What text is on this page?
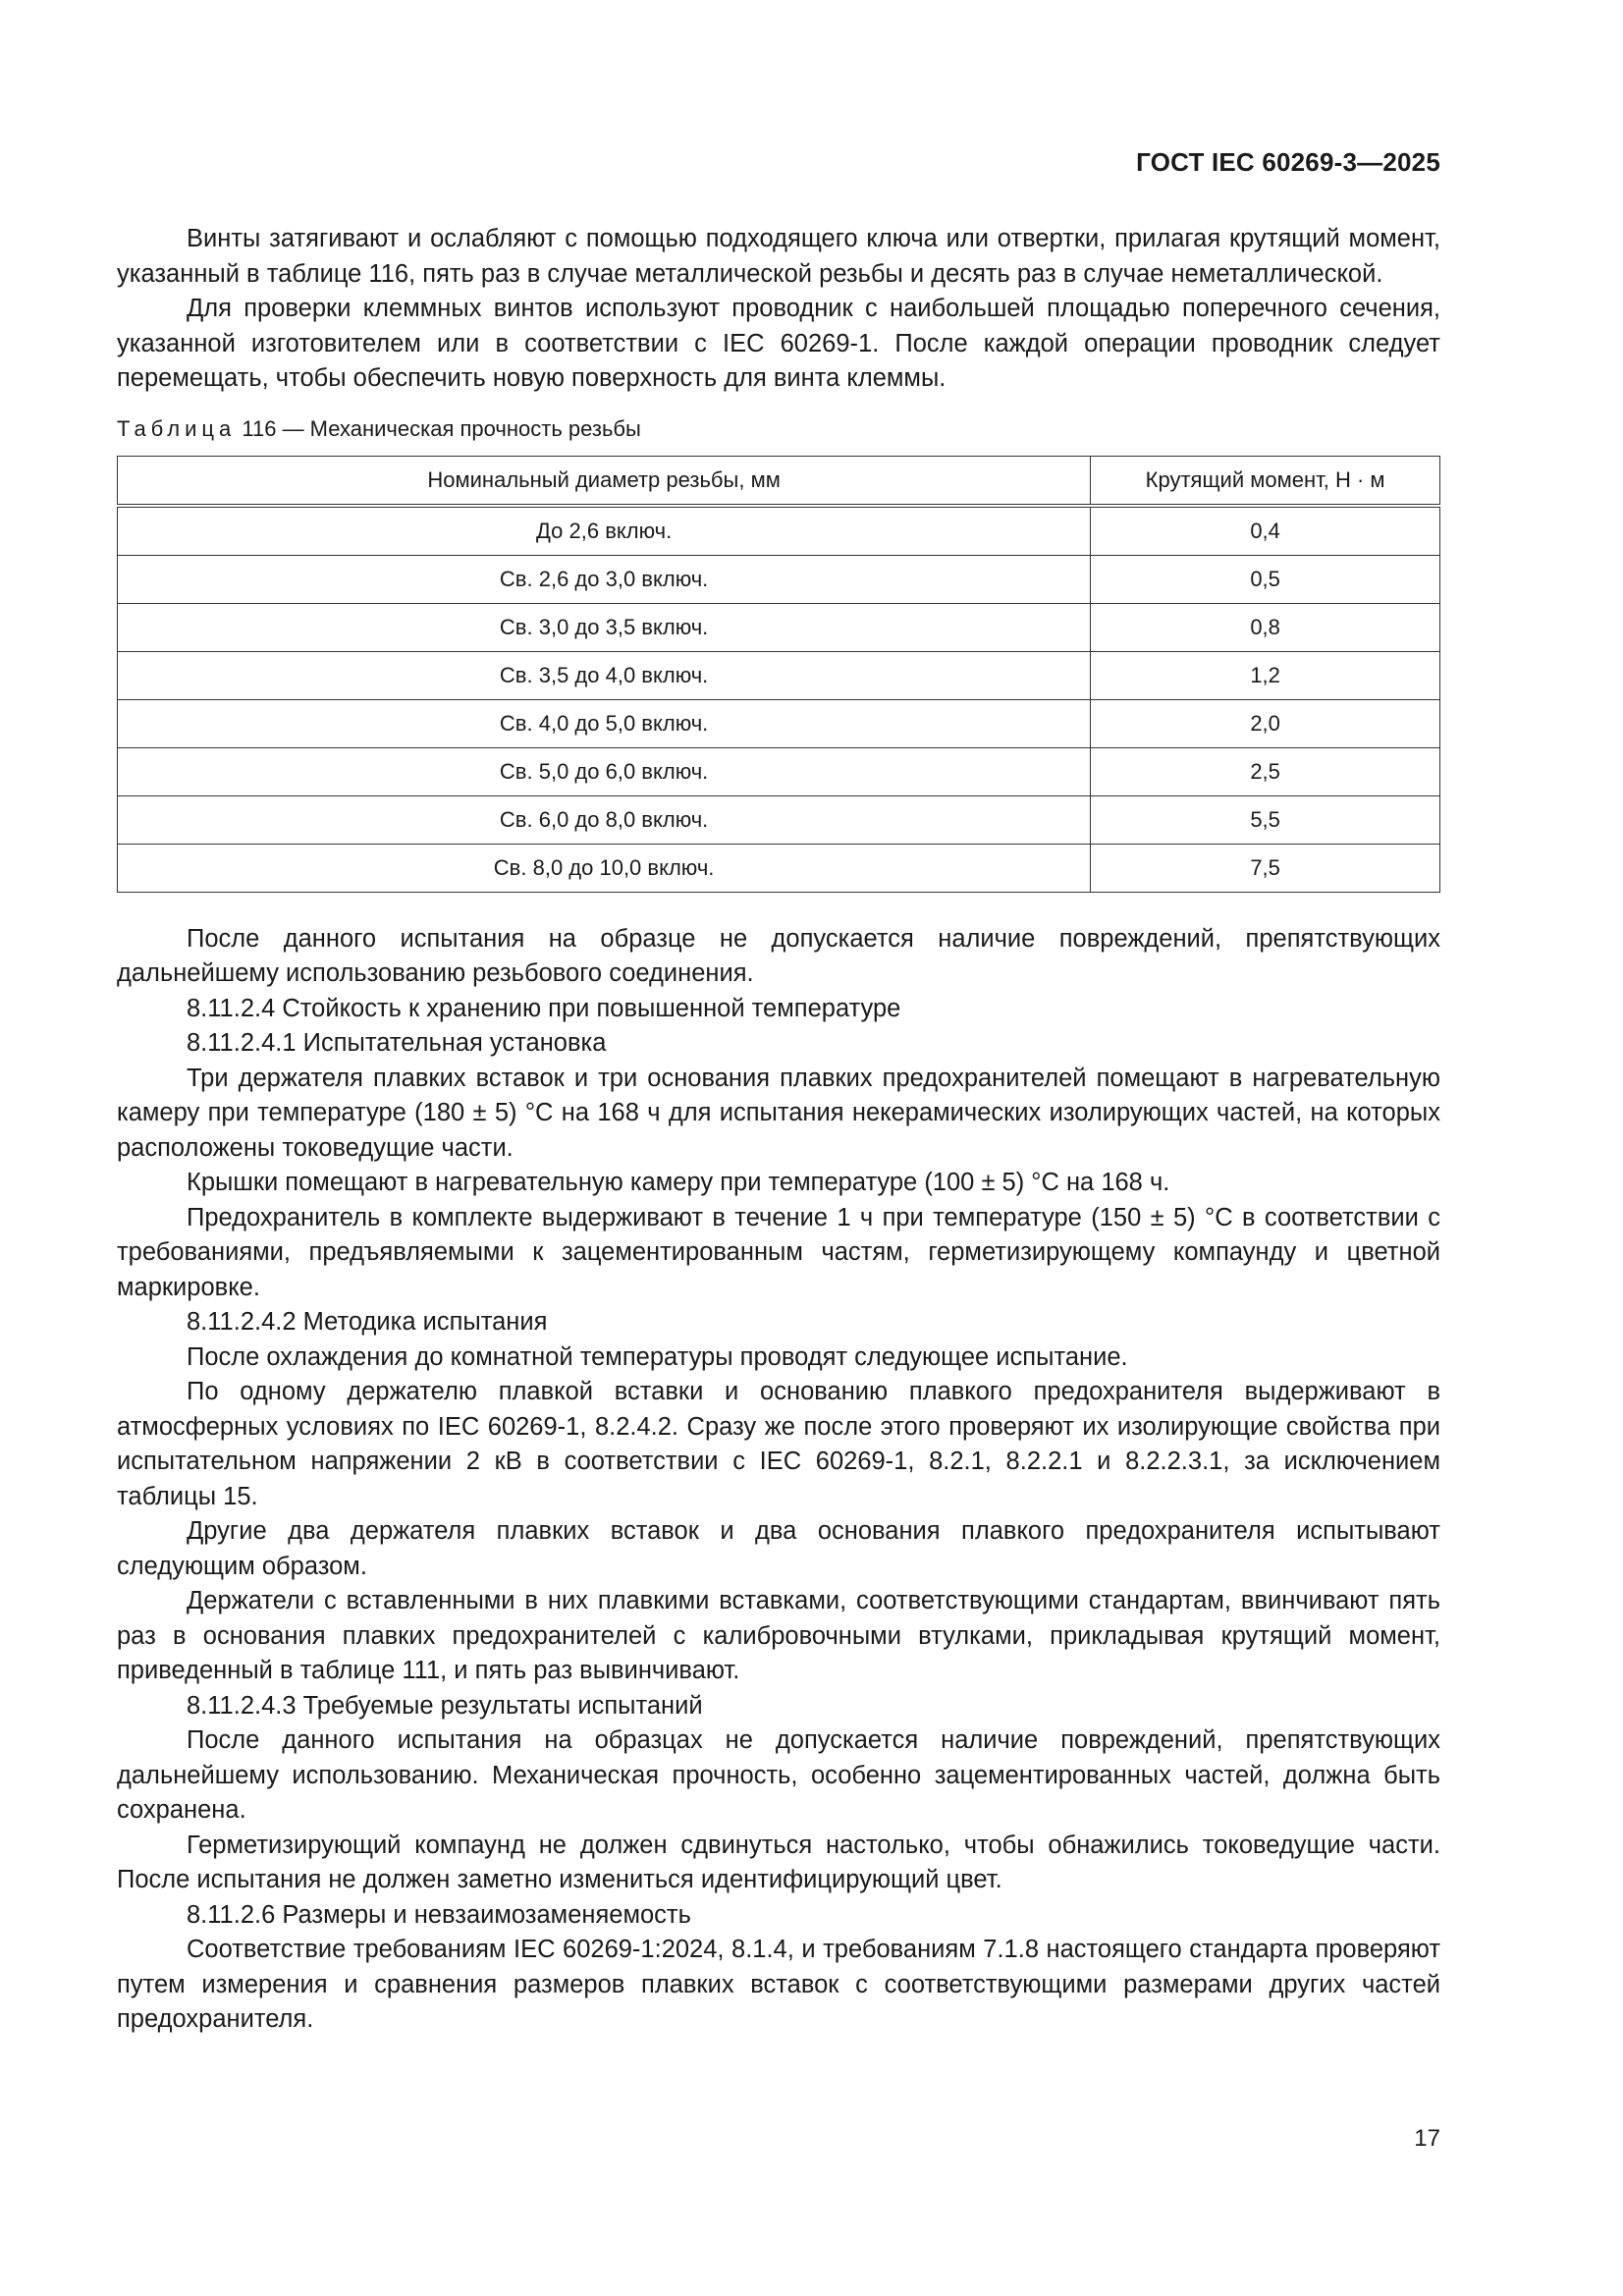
ГОСТ IEC 60269-3—2025

Винты затягивают и ослабляют с помощью подходящего ключа или отвертки, прилагая крутящий момент, указанный в таблице 116, пять раз в случае металлической резьбы и десять раз в случае неметаллической.

Для проверки клеммных винтов используют проводник с наибольшей площадью поперечного сечения, указанной изготовителем или в соответствии с IEC 60269-1. После каждой операции проводник следует перемещать, чтобы обеспечить новую поверхность для винта клеммы.

Таблица 116 — Механическая прочность резьбы
Номинальный диаметр резьбы, мм	Крутящий момент, Н · м
До 2,6 включ.	0,4
Св. 2,6 до 3,0 включ.	0,5
Св. 3,0 до 3,5 включ.	0,8
Св. 3,5 до 4,0 включ.	1,2
Св. 4,0 до 5,0 включ.	2,0
Св. 5,0 до 6,0 включ.	2,5
Св. 6,0 до 8,0 включ.	5,5
Св. 8,0 до 10,0 включ.	7,5

После данного испытания на образце не допускается наличие повреждений, препятствующих дальнейшему использованию резьбового соединения.

8.11.2.4 Стойкость к хранению при повышенной температуре

8.11.2.4.1 Испытательная установка

Три держателя плавких вставок и три основания плавких предохранителей помещают в нагревательную камеру при температуре (180 ± 5) °С на 168 ч для испытания некерамических изолирующих частей, на которых расположены токоведущие части.

Крышки помещают в нагревательную камеру при температуре (100 ± 5) °С на 168 ч.

Предохранитель в комплекте выдерживают в течение 1 ч при температуре (150 ± 5) °С в соответствии с требованиями, предъявляемыми к зацементированным частям, герметизирующему компаунду и цветной маркировке.

8.11.2.4.2 Методика испытания

После охлаждения до комнатной температуры проводят следующее испытание.

По одному держателю плавкой вставки и основанию плавкого предохранителя выдерживают в атмосферных условиях по IEC 60269-1, 8.2.4.2. Сразу же после этого проверяют их изолирующие свойства при испытательном напряжении 2 кВ в соответствии с IEC 60269-1, 8.2.1, 8.2.2.1 и 8.2.2.3.1, за исключением таблицы 15.

Другие два держателя плавких вставок и два основания плавкого предохранителя испытывают следующим образом.

Держатели с вставленными в них плавкими вставками, соответствующими стандартам, ввинчивают пять раз в основания плавких предохранителей с калибровочными втулками, прикладывая крутящий момент, приведенный в таблице 111, и пять раз вывинчивают.

8.11.2.4.3 Требуемые результаты испытаний

После данного испытания на образцах не допускается наличие повреждений, препятствующих дальнейшему использованию. Механическая прочность, особенно зацементированных частей, должна быть сохранена.

Герметизирующий компаунд не должен сдвинуться настолько, чтобы обнажились токоведущие части. После испытания не должен заметно измениться идентифицирующий цвет.

8.11.2.6 Размеры и невзаимозаменяемость

Соответствие требованиям IEC 60269-1:2024, 8.1.4, и требованиям 7.1.8 настоящего стандарта проверяют путем измерения и сравнения размеров плавких вставок с соответствующими размерами других частей предохранителя.

17
